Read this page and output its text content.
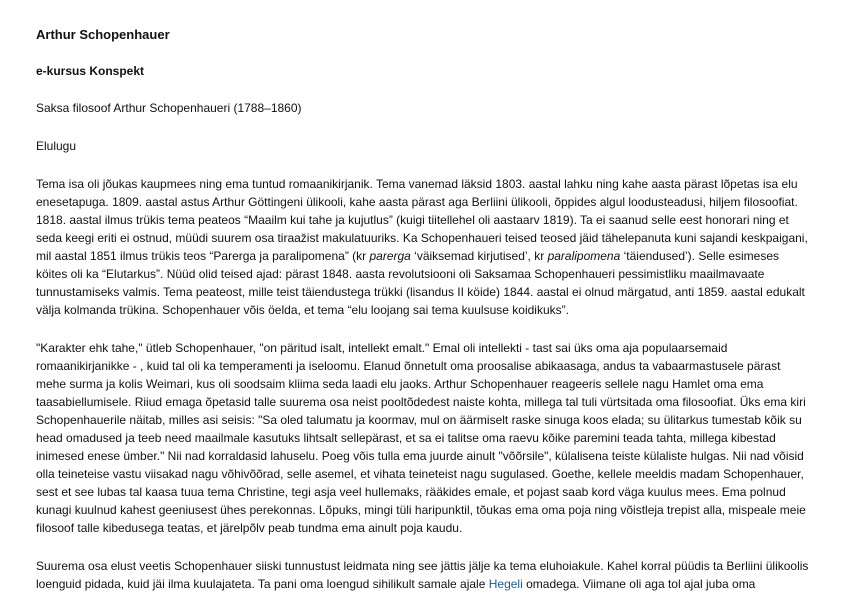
Arthur Schopenhauer
e-kursus Konspekt

Saksa filosoof Arthur Schopenhaueri (1788–1860)

Elulugu

Tema isa oli jõukas kaupmees ning ema tuntud romaanikirjanik. Tema vanemad läksid 1803. aastal lahku ning kahe aasta pärast lõpetas isa elu enesetapuga. 1809. aastal astus Arthur Göttingeni ülikooli, kahe aasta pärast aga Berliini ülikooli, õppides algul loodusteadusi, hiljem filosoofiat. 1818. aastal ilmus trükis tema peateos “Maailm kui tahe ja kujutlus” (kuigi tiitellehel oli aastaarv 1819). Ta ei saanud selle eest honorari ning et seda keegi eriti ei ostnud, müüdi suurem osa tiraažist makulatuuriks. Ka Schopenhaueri teised teosed jäid tähelepanuta kuni sajandi keskpaigani, mil aastal 1851 ilmus trükis teos “Parerga ja paralipomena” (kr parerga ‘väiksemad kirjutised’, kr paralipomena ‘täiendused’). Selle esimeses köites oli ka “Elutarkus”. Nüüd olid teised ajad: pärast 1848. aasta revolutsiooni oli Saksamaa Schopenhaueri pessimistliku maailmavaate tunnustamiseks valmis. Tema peateost, mille teist täiendustega trükki (lisandus II köide) 1844. aastal ei olnud märgatud, anti 1859. aastal edukalt välja kolmanda trükina. Schopenhauer võis öelda, et tema “elu loojang sai tema kuulsuse koidikuks”.

"Karakter ehk tahe," ütleb Schopenhauer, "on päritud isalt, intellekt emalt." Emal oli intellekti - tast sai üks oma aja populaarsemaid romaanikirjanikke - , kuid tal oli ka temperamenti ja iseloomu. Elanud õnnetult oma proosalise abikaasaga, andus ta vabaarmastusele pärast mehe surma ja kolis Weimari, kus oli soodsaim kliima seda laadi elu jaoks. Arthur Schopenhauer reageeris sellele nagu Hamlet oma ema taasabiellumisele. Riiud emaga õpetasid talle suurema osa neist pooltõdedest naiste kohta, millega tal tuli vürtsitada oma filosoofiat. Üks ema kiri Schopenhauerile näitab, milles asi seisis: "Sa oled talumatu ja koormav, mul on äärmiselt raske sinuga koos elada; su ülitarkus tumestab kõik su head omadused ja teeb need maailmale kasutuks lihtsalt sellepärast, et sa ei talitse oma raevu kõike paremini teada tahta, millega kibestad inimesed enese ümber." Nii nad korraldasid lahuselu. Poeg võis tulla ema juurde ainult "võõrsile", külalisena teiste külaliste hulgas. Nii nad võisid olla teineteise vastu viisakad nagu võhivõõrad, selle asemel, et vihata teineteist nagu sugulased. Goethe, kellele meeldis madam Schopenhauer, sest et see lubas tal kaasa tuua tema Christine, tegi asja veel hullemaks, rääkides emale, et pojast saab kord väga kuulus mees. Ema polnud kunagi kuulnud kahest geeniusest ühes perekonnas. Lõpuks, mingi tüli haripunktil, tõukas ema oma poja ning võistleja trepist alla, mispeale meie filosoof talle kibedusega teatas, et järelpõlv peab tundma ema ainult poja kaudu.

Suurema osa elust veetis Schopenhauer siiski tunnustust leidmata ning see jättis jälje ka tema eluhoiakule. Kahel korral püüdis ta Berliini ülikoolis loenguid pidada, kuid jäi ilma kuulajateta. Ta pani oma loengud sihilikult samale ajale Hegeli omadega. Viimane oli aga tol ajal juba oma
